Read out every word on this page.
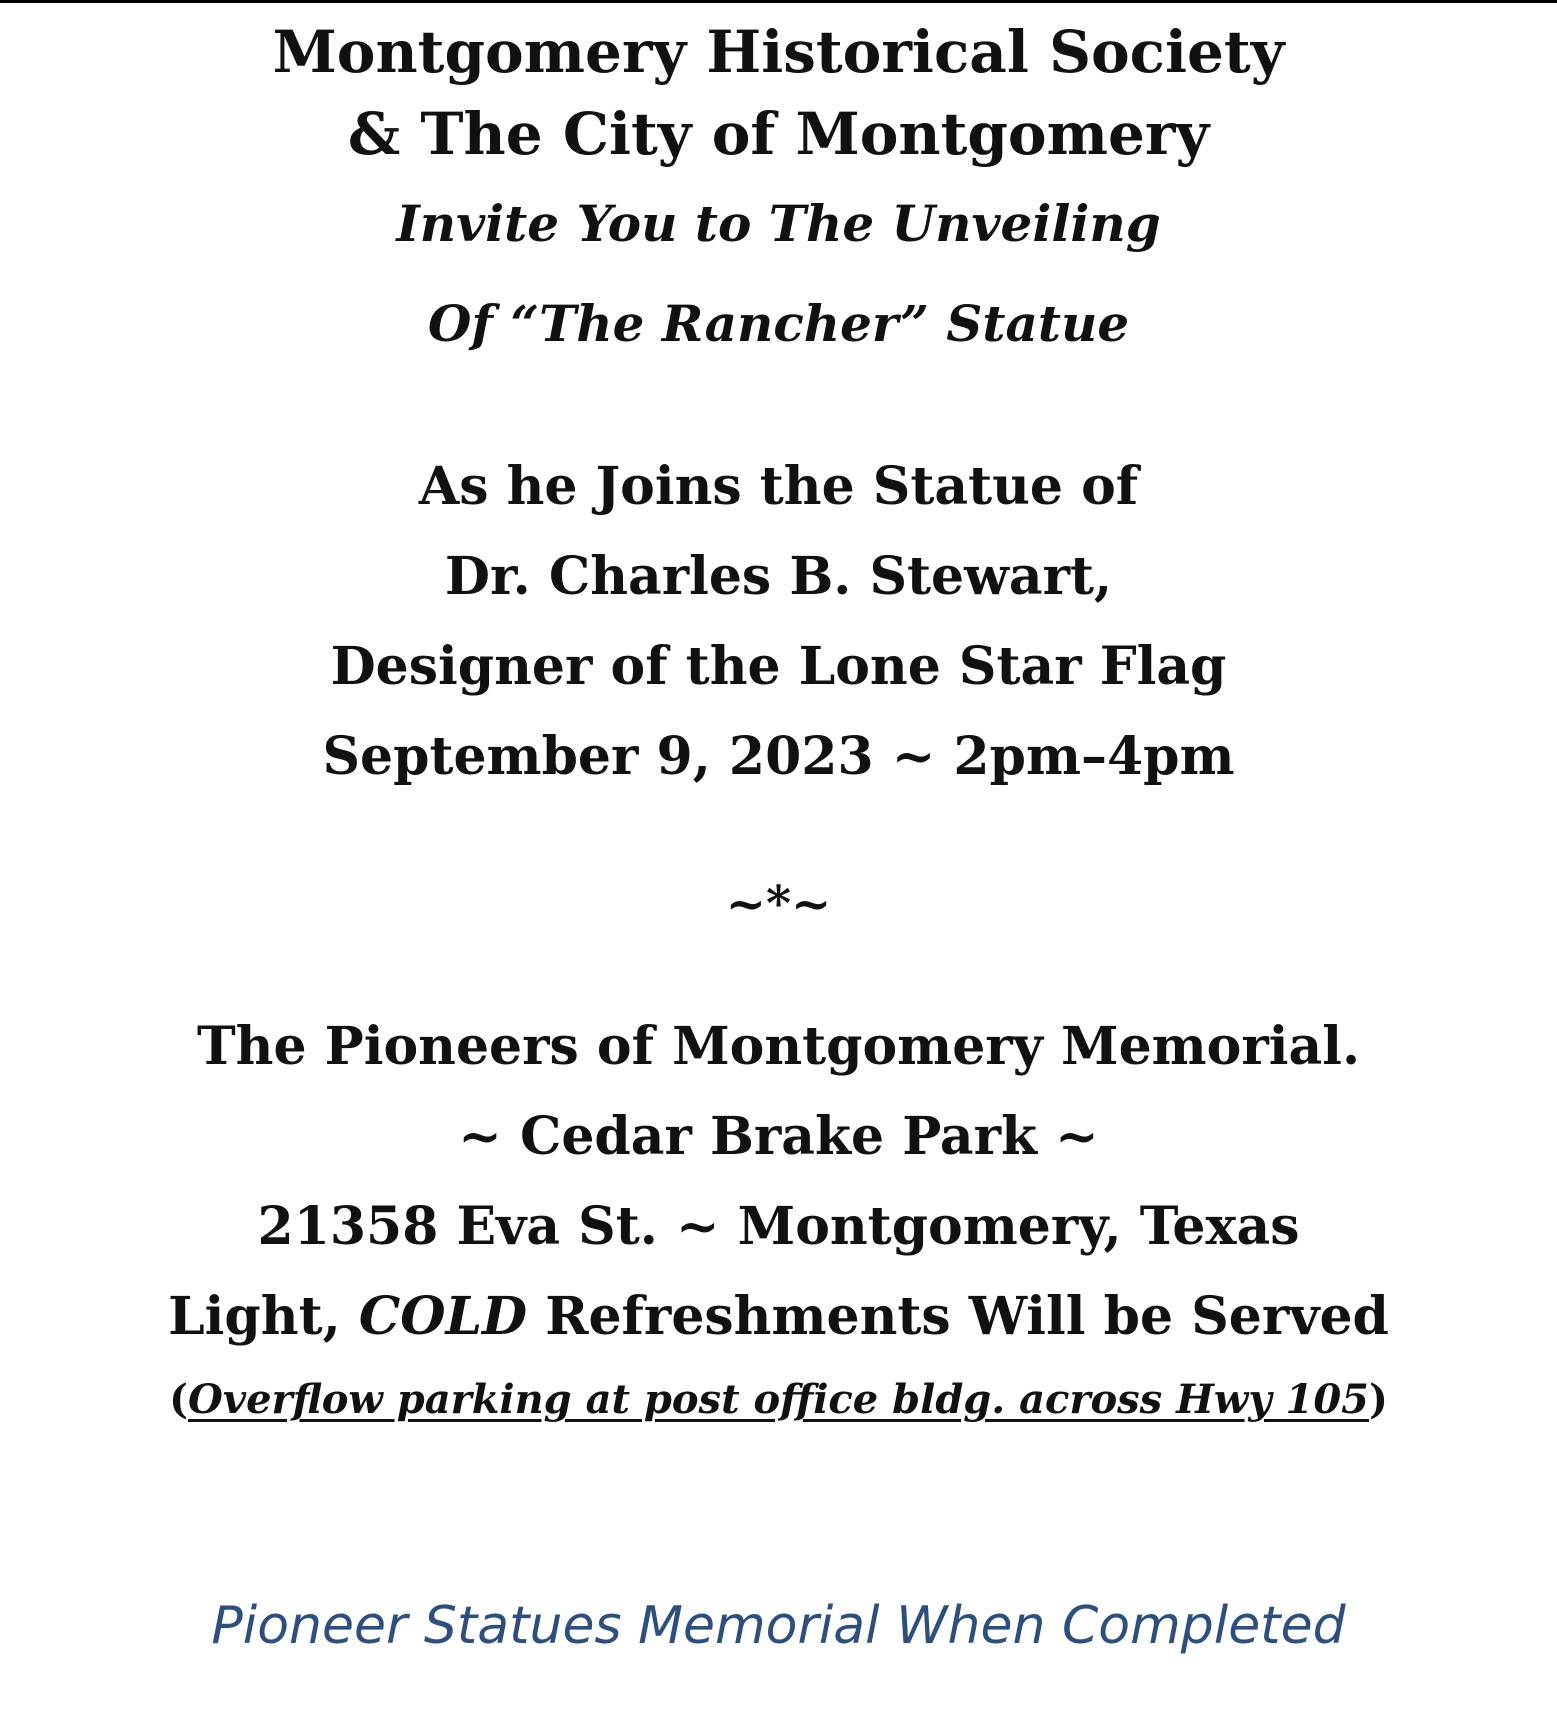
Montgomery Historical Society
& The City of Montgomery
Invite You to The Unveiling
Of “The Rancher” Statue
As he Joins the Statue of
Dr. Charles B. Stewart,
Designer of the Lone Star Flag
September 9, 2023 ~ 2pm–4pm
~*~
The Pioneers of Montgomery Memorial.
~ Cedar Brake Park ~
21358 Eva St. ~ Montgomery, Texas
Light, COLD Refreshments Will be Served
(Overflow parking at post office bldg. across Hwy 105)
Pioneer Statues Memorial When Completed
